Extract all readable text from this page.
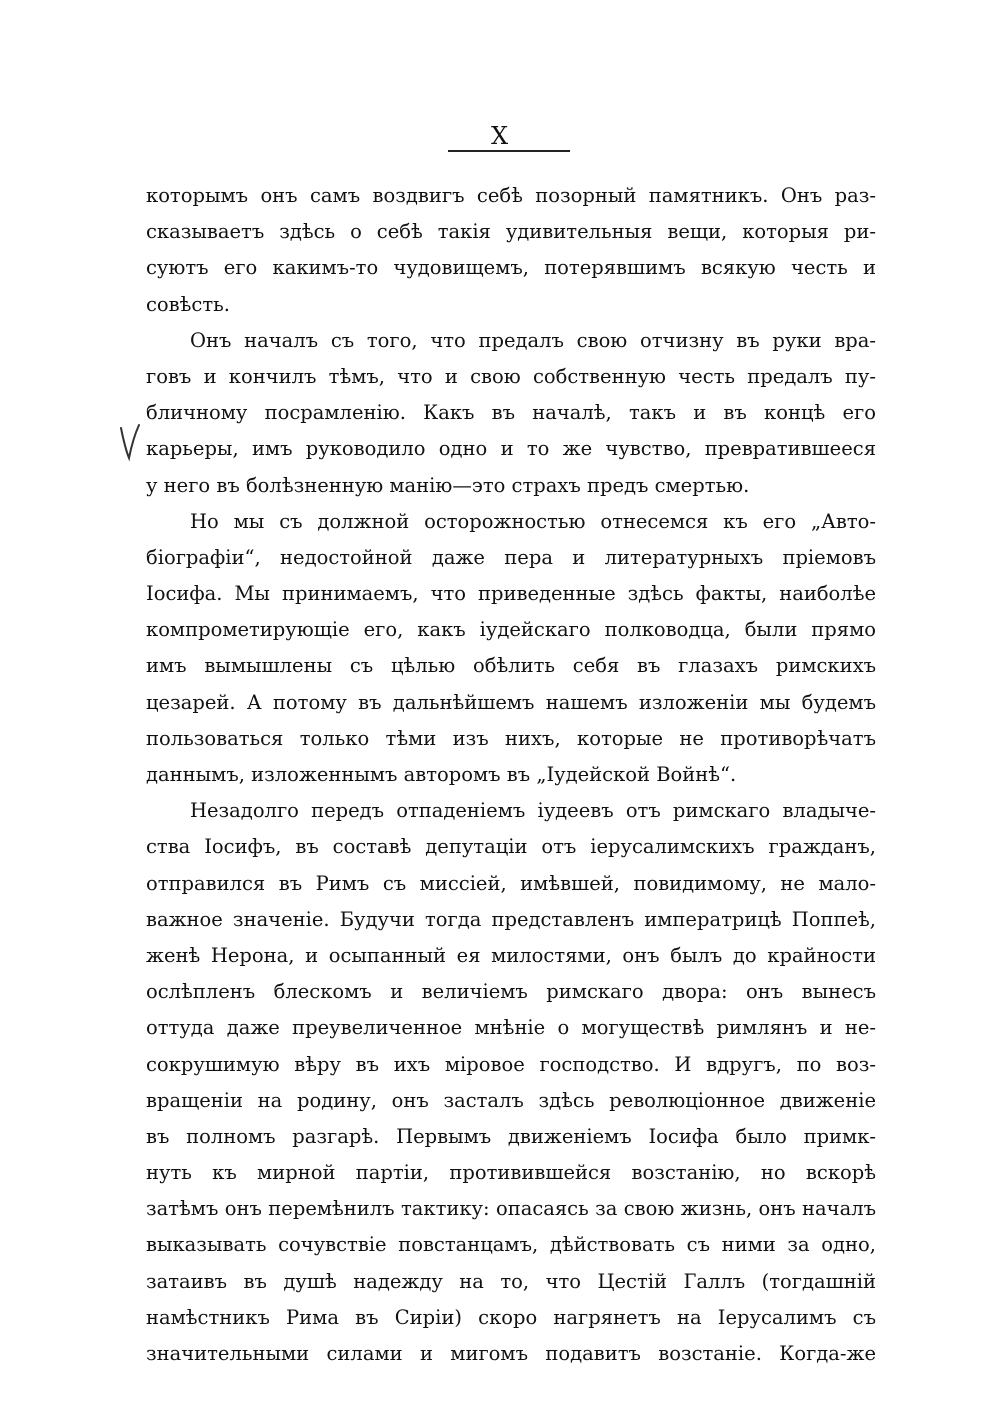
X
которымъ онъ самъ воздвигъ себѣ позорный памятникъ. Онъ раз-
сказываетъ здѣсь о себѣ такія удивительныя вещи, которыя ри-
суютъ его какимъ-то чудовищемъ, потерявшимъ всякую честь и
совѣсть.
Онъ началъ съ того, что предалъ свою отчизну въ руки вра-
говъ и кончилъ тѣмъ, что и свою собственную честь предалъ пу-
бличному посрамленію. Какъ въ началѣ, такъ и въ концѣ его
карьеры, имъ руководило одно и то же чувство, превратившееся
у него въ болѣзненную манію—это страхъ предъ смертью.
Но мы съ должной осторожностью отнесемся къ его „Авто-
біографіи“, недостойной даже пера и литературныхъ пріемовъ
Іосифа. Мы принимаемъ, что приведенные здѣсь факты, наиболѣе
компрометирующіе его, какъ іудейскаго полководца, были прямо
имъ вымышлены съ цѣлью обѣлить себя въ глазахъ римскихъ
цезарей. А потому въ дальнѣйшемъ нашемъ изложеніи мы будемъ
пользоваться только тѣми изъ нихъ, которые не противорѣчатъ
даннымъ, изложеннымъ авторомъ въ „Іудейской Войнѣ“.
Незадолго передъ отпаденіемъ іудеевъ отъ римскаго владыче-
ства Іосифъ, въ составѣ депутаціи отъ іерусалимскихъ гражданъ,
отправился въ Римъ съ миссіей, имѣвшей, повидимому, не мало-
важное значеніе. Будучи тогда представленъ императрицѣ Поппеѣ,
женѣ Нерона, и осыпанный ея милостями, онъ былъ до крайности
ослѣпленъ блескомъ и величіемъ римскаго двора: онъ вынесъ
оттуда даже преувеличенное мнѣніе о могуществѣ римлянъ и не-
сокрушимую вѣру въ ихъ міровое господство. И вдругъ, по воз-
вращеніи на родину, онъ засталъ здѣсь революціонное движеніе
въ полномъ разгарѣ. Первымъ движеніемъ Іосифа было примк-
нуть къ мирной партіи, противившейся возстанію, но вскорѣ
затѣмъ онъ перемѣнилъ тактику: опасаясь за свою жизнь, онъ началъ
выказывать сочувствіе повстанцамъ, дѣйствовать съ ними за одно,
затаивъ въ душѣ надежду на то, что Цестій Галлъ (тогдашній
намѣстникъ Рима въ Сиріи) скоро нагрянетъ на Іерусалимъ съ
значительными силами и мигомъ подавитъ возстаніе. Когда-же
